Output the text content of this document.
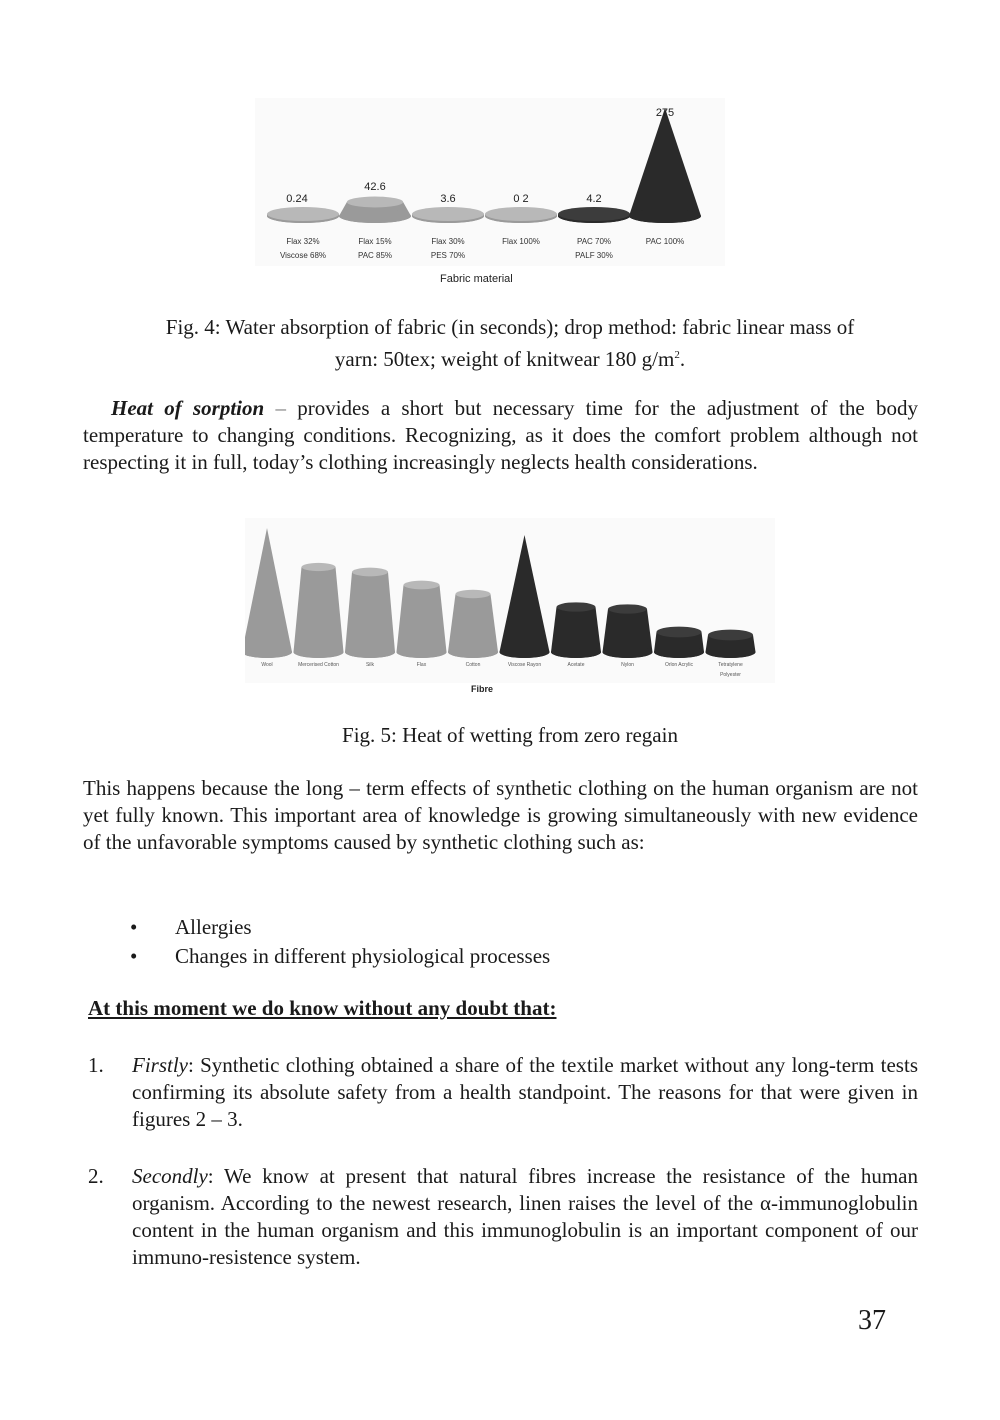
0.24
Flax 32%
Viscose 68%
42.6
Flax 15%
PAC 85%
3.6
Flax 30%
PES 70%
0 2
Flax 100%
4.2
PAC 70%
PALF 30%
275
PAC 100%
Fabric material
Fig. 4: Water absorption of fabric (in seconds); drop method: fabric linear mass of
yarn: 50tex; weight of knitwear 180 $g/m^2$.
Heat of sorption – provides a short but necessary time for the adjustment of the body temperature to changing conditions. Recognizing, as it does the comfort problem although not respecting it in full, today’s clothing increasingly neglects health considerations.
Wool	Mercerised Cotton	Silk	Flax	Cotton	Viscose Rayon	Acetate	Nylon	Orlon Acrylic	Tetratylene
Polyester
Fibre
Fig. 5: Heat of wetting from zero regain
This happens because the long – term effects of synthetic clothing on the human organism are not yet fully known. This important area of knowledge is growing simultaneously with new evidence of the unfavorable symptoms caused by synthetic clothing such as:
• Allergies
• Changes in different physiological processes
At this moment we do know without any doubt that:
1. Firstly: Synthetic clothing obtained a share of the textile market without any long-term tests confirming its absolute safety from a health standpoint. The reasons for that were given in figures 2 – 3.
2. Secondly: We know at present that natural fibres increase the resistance of the human organism. According to the newest research, linen raises the level of the α-immunoglobulin content in the human organism and this immunoglobulin is an important component of our immuno-resistence system.
37
